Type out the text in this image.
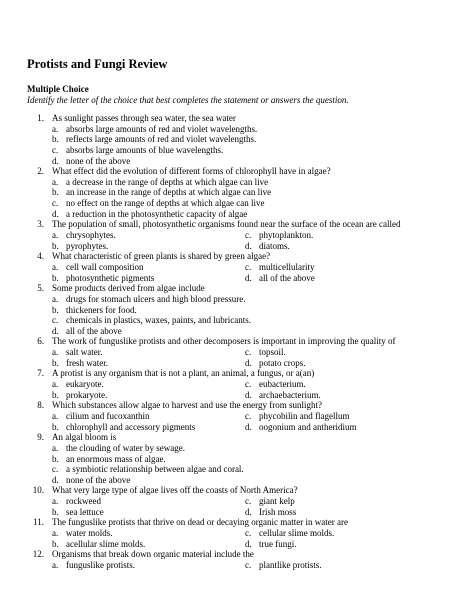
Protists and Fungi Review
Multiple Choice
Identify the letter of the choice that best completes the statement or answers the question.
1. As sunlight passes through sea water, the sea water
a. absorbs large amounts of red and violet wavelengths.
b. reflects large amounts of red and violet wavelengths.
c. absorbs large amounts of blue wavelengths.
d. none of the above
2. What effect did the evolution of different forms of chlorophyll have in algae?
a. a decrease in the range of depths at which algae can live
b. an increase in the range of depths at which algae can live
c. no effect on the range of depths at which algae can live
d. a reduction in the photosynthetic capacity of algae
3. The population of small, photosynthetic organisms found near the surface of the ocean are called
a. chrysophytes.	c. phytoplankton.
b. pyrophytes.	d. diatoms.
4. What characteristic of green plants is shared by green algae?
a. cell wall composition	c. multicellularity
b. photosynthetic pigments	d. all of the above
5. Some products derived from algae include
a. drugs for stomach ulcers and high blood pressure.
b. thickeners for food.
c. chemicals in plastics, waxes, paints, and lubricants.
d. all of the above
6. The work of funguslike protists and other decomposers is important in improving the quality of
a. salt water.	c. topsoil.
b. fresh water.	d. potato crops.
7. A protist is any organism that is not a plant, an animal, a fungus, or a(an)
a. eukaryote.	c. eubacterium.
b. prokaryote.	d. archaebacterium.
8. Which substances allow algae to harvest and use the energy from sunlight?
a. cilium and fucoxanthin	c. phycobilin and flagellum
b. chlorophyll and accessory pigments	d. oogonium and antheridium
9. An algal bloom is
a. the clouding of water by sewage.
b. an enormous mass of algae.
c. a symbiotic relationship between algae and coral.
d. none of the above
10. What very large type of algae lives off the coasts of North America?
a. rockweed	c. giant kelp
b. sea lettuce	d. Irish moss
11. The funguslike protists that thrive on dead or decaying organic matter in water are
a. water molds.	c. cellular slime molds.
b. acellular slime molds.	d. true fungi.
12. Organisms that break down organic material include the
a. funguslike protists.	c. plantlike protists.
